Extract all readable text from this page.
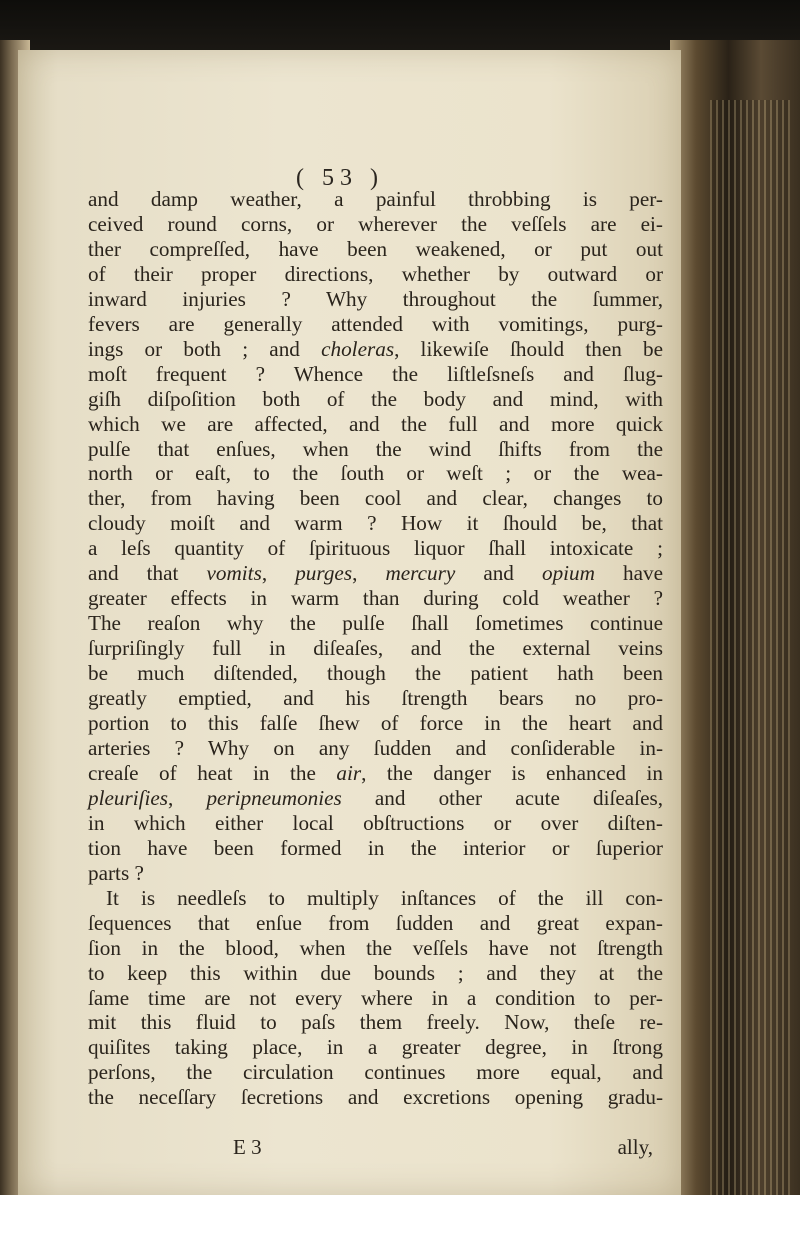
( 53 )
and damp weather, a painful throbbing is per-
ceived round corns, or wherever the veſſels are ei-
ther compreſſed, have been weakened, or put out
of their proper directions, whether by outward or
inward injuries ? Why throughout the ſummer,
fevers are generally attended with vomitings, purg-
ings or both ; and choleras, likewiſe ſhould then be
moſt frequent ? Whence the liſtleſsneſs and ſlug-
giſh diſpoſition both of the body and mind, with
which we are affected, and the full and more quick
pulſe that enſues, when the wind ſhifts from the
north or eaſt, to the ſouth or weſt ; or the wea-
ther, from having been cool and clear, changes to
cloudy moiſt and warm ? How it ſhould be, that
a leſs quantity of ſpirituous liquor ſhall intoxicate ;
and that vomits, purges, mercury and opium have
greater effects in warm than during cold weather ?
The reaſon why the pulſe ſhall ſometimes continue
ſurpriſingly full in diſeaſes, and the external veins
be much diſtended, though the patient hath been
greatly emptied, and his ſtrength bears no pro-
portion to this falſe ſhew of force in the heart and
arteries ? Why on any ſudden and conſiderable in-
creaſe of heat in the air, the danger is enhanced in
pleuriſies, peripneumonies and other acute diſeaſes,
in which either local obſtructions or over diſten-
tion have been formed in the interior or ſuperior
parts ?
It is needleſs to multiply inſtances of the ill con-
ſequences that enſue from ſudden and great expan-
ſion in the blood, when the veſſels have not ſtrength
to keep this within due bounds ; and they at the
ſame time are not every where in a condition to per-
mit this fluid to paſs them freely. Now, theſe re-
quiſites taking place, in a greater degree, in ſtrong
perſons, the circulation continues more equal, and
the neceſſary ſecretions and excretions opening gradu-
E 3	ally,
